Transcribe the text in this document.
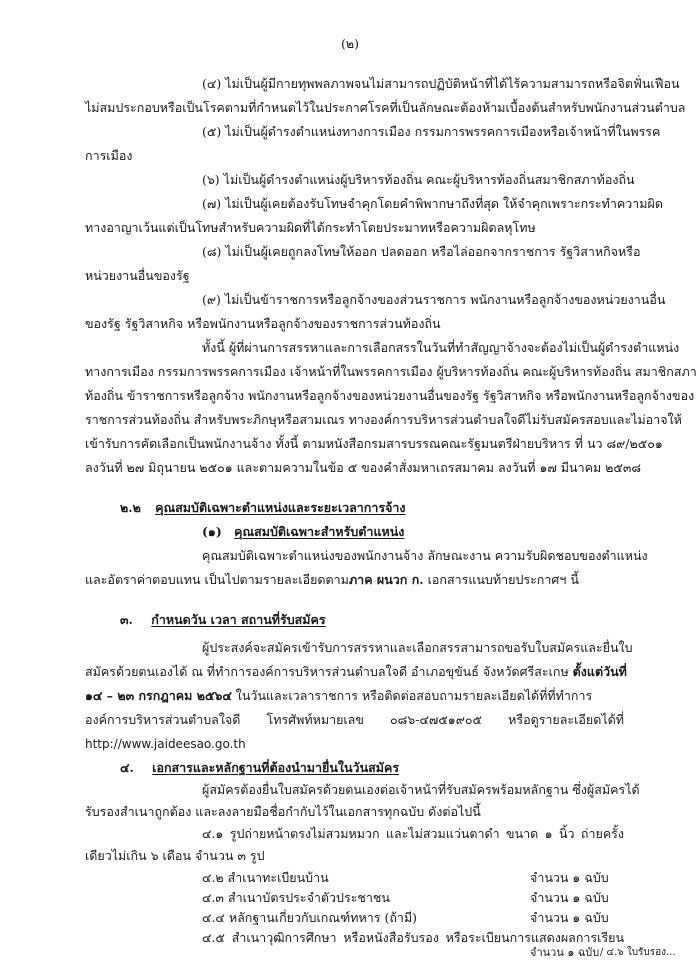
(๒)
(๔) ไม่เป็นผู้มีกายทุพพลภาพจนไม่สามารถปฏิบัติหน้าที่ได้ไร้ความสามารถหรือจิตฟั่นเฟือน
ไม่สมประกอบหรือเป็นโรคตามที่กำหนดไว้ในประกาศโรคที่เป็นลักษณะต้องห้ามเบื้องต้นสำหรับพนักงานส่วนตำบล
(๕) ไม่เป็นผู้ดำรงตำแหน่งทางการเมือง กรรมการพรรคการเมืองหรือเจ้าหน้าที่ในพรรค
การเมือง
(๖) ไม่เป็นผู้ดำรงตำแหน่งผู้บริหารท้องถิ่น คณะผู้บริหารท้องถิ่นสมาชิกสภาท้องถิ่น
(๗) ไม่เป็นผู้เคยต้องรับโทษจำคุกโดยคำพิพากษาถึงที่สุด ให้จำคุกเพราะกระทำความผิด
ทางอาญาเว้นแต่เป็นโทษสำหรับความผิดที่ได้กระทำโดยประมาทหรือความผิดลหุโทษ
(๘) ไม่เป็นผู้เคยถูกลงโทษให้ออก ปลดออก หรือไล่ออกจากราชการ รัฐวิสาหกิจหรือ
หน่วยงานอื่นของรัฐ
(๙) ไม่เป็นข้าราชการหรือลูกจ้างของส่วนราชการ พนักงานหรือลูกจ้างของหน่วยงานอื่น
ของรัฐ รัฐวิสาหกิจ หรือพนักงานหรือลูกจ้างของราชการส่วนท้องถิ่น
ทั้งนี้ ผู้ที่ผ่านการสรรหาและการเลือกสรรในวันที่ทำสัญญาจ้างจะต้องไม่เป็นผู้ดำรงตำแหน่ง
ทางการเมือง กรรมการพรรคการเมือง เจ้าหน้าที่ในพรรคการเมือง ผู้บริหารท้องถิ่น คณะผู้บริหารท้องถิ่น สมาชิกสภา
ท้องถิ่น ข้าราชการหรือลูกจ้าง พนักงานหรือลูกจ้างของหน่วยงานอื่นของรัฐ รัฐวิสาหกิจ หรือพนักงานหรือลูกจ้างของ
ราชการส่วนท้องถิ่น สำหรับพระภิกษุหรือสามเณร ทางองค์การบริหารส่วนตำบลใจดีไม่รับสมัครสอบและไม่อาจให้
เข้ารับการคัดเลือกเป็นพนักงานจ้าง ทั้งนี้ ตามหนังสือกรมสารบรรณคณะรัฐมนตรีฝ่ายบริหาร ที่ นว ๘๙/๒๕๐๑
ลงวันที่ ๒๗ มิถุนายน ๒๕๐๑ และตามความในข้อ ๕ ของคำสั่งมหาเถรสมาคม ลงวันที่ ๑๗ มีนาคม ๒๕๓๘
๒.๒ คุณสมบัติเฉพาะตำแหน่งและระยะเวลาการจ้าง
(๑) คุณสมบัติเฉพาะสำหรับตำแหน่ง
คุณสมบัติเฉพาะตำแหน่งของพนักงานจ้าง ลักษณะงาน ความรับผิดชอบของตำแหน่ง
และอัตราค่าตอบแทน เป็นไปตามรายละเอียดตามภาค ผนวก ก. เอกสารแนบท้ายประกาศฯ นี้
๓. กำหนดวัน เวลา สถานที่รับสมัคร
ผู้ประสงค์จะสมัครเข้ารับการสรรหาและเลือกสรรสามารถขอรับใบสมัครและยื่นใบ
สมัครด้วยตนเองได้ ณ ที่ทำการองค์การบริหารส่วนตำบลใจดี อำเภอขุขันธ์ จังหวัดศรีสะเกษ ตั้งแต่วันที่
๑๔ – ๒๓ กรกฎาคม ๒๕๖๔ ในวันและเวลาราชการ หรือติดต่อสอบถามรายละเอียดได้ที่ที่ทำการ
องค์การบริหารส่วนตำบลใจดี โทรศัพท์หมายเลข ๐๘๖-๔๗๕๑๙๐๕ หรือดูรายละเอียดได้ที่
http://www.jaideesao.go.th
๔. เอกสารและหลักฐานที่ต้องนำมายื่นในวันสมัคร
ผู้สมัครต้องยื่นใบสมัครด้วยตนเองต่อเจ้าหน้าที่รับสมัครพร้อมหลักฐาน ซึ่งผู้สมัครได้
รับรองสำเนาถูกต้อง และลงลายมือชื่อกำกับไว้ในเอกสารทุกฉบับ ดังต่อไปนี้
๔.๑ รูปถ่ายหน้าตรงไม่สวมหมวก และไม่สวมแว่นตาดำ ขนาด ๑ นิ้ว ถ่ายครั้ง
เดียวไม่เกิน ๖ เดือน จำนวน ๓ รูป
๔.๒ สำเนาทะเบียนบ้าน	จำนวน ๑ ฉบับ
๔.๓ สำเนาบัตรประจำตัวประชาชน	จำนวน ๑ ฉบับ
๔.๔ หลักฐานเกี่ยวกับเกณฑ์ทหาร (ถ้ามี)	จำนวน ๑ ฉบับ
๔.๕ สำเนาวุฒิการศึกษา หรือหนังสือรับรอง หรือระเบียนการแสดงผลการเรียน
จำนวน ๑ ฉบับ / ๔.๖ ใบรับรอง...
